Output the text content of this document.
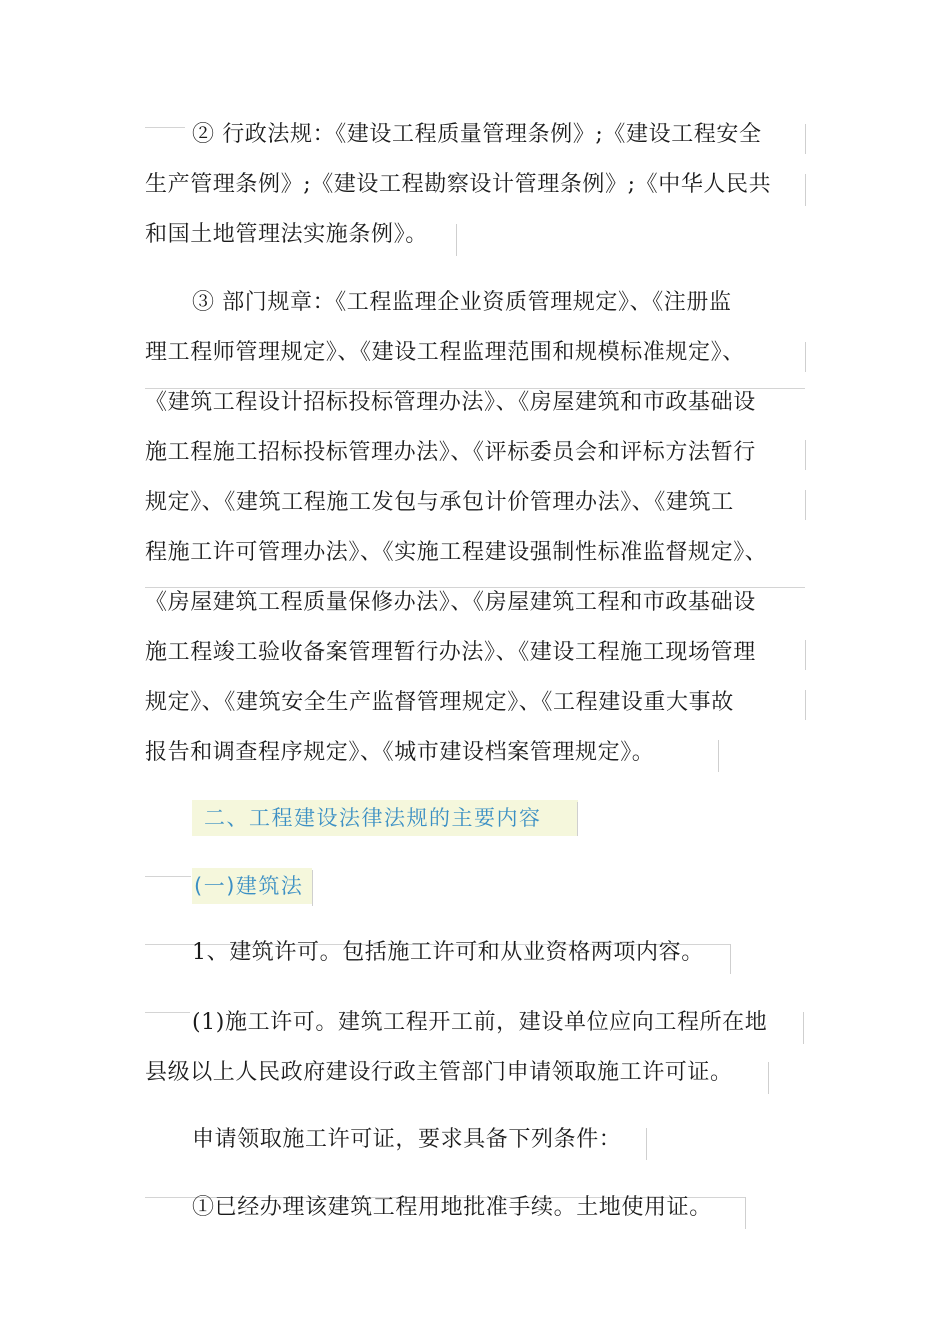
② 行政法规：《建设工程质量管理条例》;《建设工程安全
生产管理条例》;《建设工程勘察设计管理条例》;《中华人民共
和国土地管理法实施条例》。
③ 部门规章：《工程监理企业资质管理规定》、《注册监
理工程师管理规定》、《建设工程监理范围和规模标准规定》、
《建筑工程设计招标投标管理办法》、《房屋建筑和市政基础设
施工程施工招标投标管理办法》、《评标委员会和评标方法暂行
规定》、《建筑工程施工发包与承包计价管理办法》、《建筑工
程施工许可管理办法》、《实施工程建设强制性标准监督规定》、
《房屋建筑工程质量保修办法》、《房屋建筑工程和市政基础设
施工程竣工验收备案管理暂行办法》、《建设工程施工现场管理
规定》、《建筑安全生产监督管理规定》、《工程建设重大事故
报告和调查程序规定》、《城市建设档案管理规定》。
二、工程建设法律法规的主要内容
(一)建筑法
1、建筑许可。包括施工许可和从业资格两项内容。
(1)施工许可。建筑工程开工前，建设单位应向工程所在地
县级以上人民政府建设行政主管部门申请领取施工许可证。
申请领取施工许可证，要求具备下列条件：
①已经办理该建筑工程用地批准手续。土地使用证。
